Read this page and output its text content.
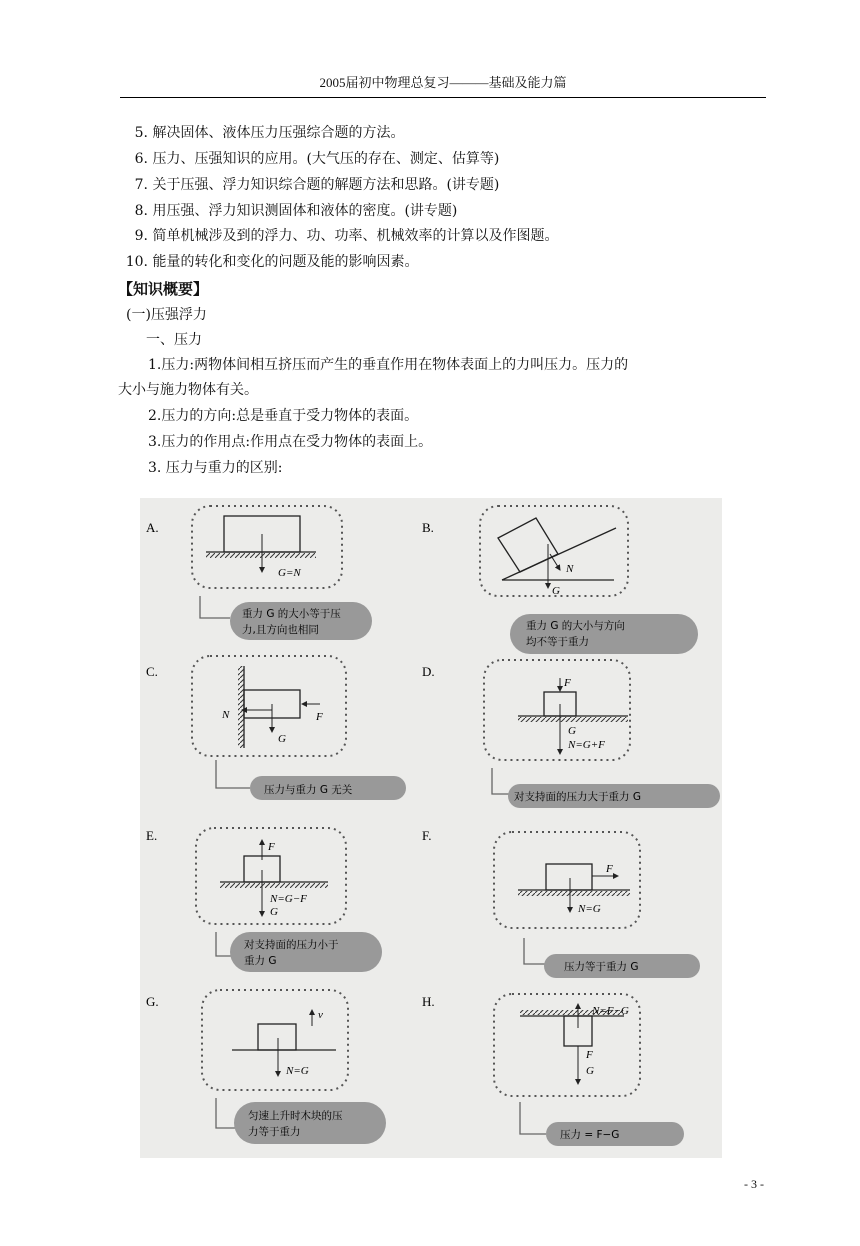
2005届初中物理总复习———基础及能力篇
5. 解决固体、液体压力压强综合题的方法。
6. 压力、压强知识的应用。(大气压的存在、测定、估算等)
7. 关于压强、浮力知识综合题的解题方法和思路。(讲专题)
8. 用压强、浮力知识测固体和液体的密度。(讲专题)
9. 简单机械涉及到的浮力、功、功率、机械效率的计算以及作图题。
10. 能量的转化和变化的问题及能的影响因素。
【知识概要】
(一)压强浮力
一、压力
1.压力:两物体间相互挤压而产生的垂直作用在物体表面上的力叫压力。压力的
大小与施力物体有关。
2.压力的方向:总是垂直于受力物体的表面。
3.压力的作用点:作用点在受力物体的表面上。
3. 压力与重力的区别:
A.
G=N
重力 G 的大小等于压
力,且方向也相同
B.
N
G
重力 G 的大小与方向
均不等于重力
C.
N	F
G
压力与重力 G 无关
D.
F
G
N=G+F
对支持面的压力大于重力 G
E.
F
N=G−F
G
对支持面的压力小于
重力 G
F.
F
N=G
压力等于重力 G
G.
v
N=G
匀速上升时木块的压
力等于重力
H.
N=F−G
F
G
压力 = F−G
- 3 -
